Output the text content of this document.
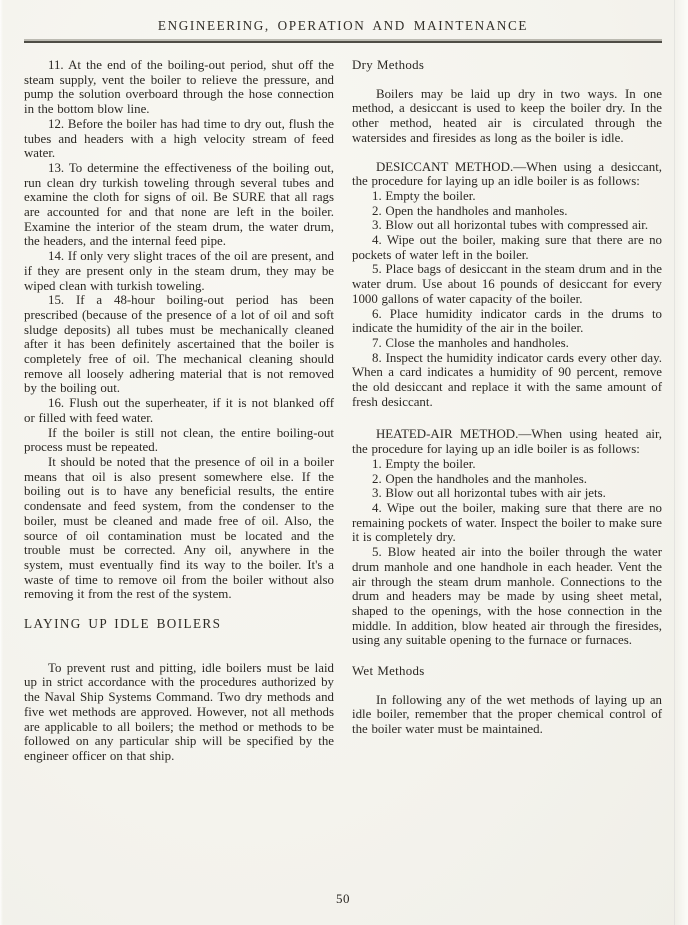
ENGINEERING, OPERATION AND MAINTENANCE

11. At the end of the boiling-out period, shut off the steam supply, vent the boiler to relieve the pressure, and pump the solution overboard through the hose connection in the bottom blow line.

12. Before the boiler has had time to dry out, flush the tubes and headers with a high velocity stream of feed water.

13. To determine the effectiveness of the boiling out, run clean dry turkish toweling through several tubes and examine the cloth for signs of oil. Be SURE that all rags are accounted for and that none are left in the boiler. Examine the interior of the steam drum, the water drum, the headers, and the internal feed pipe.

14. If only very slight traces of the oil are present, and if they are present only in the steam drum, they may be wiped clean with turkish toweling.

15. If a 48-hour boiling-out period has been prescribed (because of the presence of a lot of oil and soft sludge deposits) all tubes must be mechanically cleaned after it has been definitely ascertained that the boiler is completely free of oil. The mechanical cleaning should remove all loosely adhering material that is not removed by the boiling out.

16. Flush out the superheater, if it is not blanked off or filled with feed water.

If the boiler is still not clean, the entire boiling-out process must be repeated.

It should be noted that the presence of oil in a boiler means that oil is also present somewhere else. If the boiling out is to have any beneficial results, the entire condensate and feed system, from the condenser to the boiler, must be cleaned and made free of oil. Also, the source of oil contamination must be located and the trouble must be corrected. Any oil, anywhere in the system, must eventually find its way to the boiler. It's a waste of time to remove oil from the boiler without also removing it from the rest of the system.

LAYING UP IDLE BOILERS

To prevent rust and pitting, idle boilers must be laid up in strict accordance with the procedures authorized by the Naval Ship Systems Command. Two dry methods and five wet methods are approved. However, not all methods are applicable to all boilers; the method or methods to be followed on any particular ship will be specified by the engineer officer on that ship.

Dry Methods

Boilers may be laid up dry in two ways. In one method, a desiccant is used to keep the boiler dry. In the other method, heated air is circulated through the watersides and firesides as long as the boiler is idle.

DESICCANT METHOD.—When using a desiccant, the procedure for laying up an idle boiler is as follows:

1. Empty the boiler.

2. Open the handholes and manholes.

3. Blow out all horizontal tubes with compressed air.

4. Wipe out the boiler, making sure that there are no pockets of water left in the boiler.

5. Place bags of desiccant in the steam drum and in the water drum. Use about 16 pounds of desiccant for every 1000 gallons of water capacity of the boiler.

6. Place humidity indicator cards in the drums to indicate the humidity of the air in the boiler.

7. Close the manholes and handholes.

8. Inspect the humidity indicator cards every other day. When a card indicates a humidity of 90 percent, remove the old desiccant and replace it with the same amount of fresh desiccant.

HEATED-AIR METHOD.—When using heated air, the procedure for laying up an idle boiler is as follows:

1. Empty the boiler.

2. Open the handholes and the manholes.

3. Blow out all horizontal tubes with air jets.

4. Wipe out the boiler, making sure that there are no remaining pockets of water. Inspect the boiler to make sure it is completely dry.

5. Blow heated air into the boiler through the water drum manhole and one handhole in each header. Vent the air through the steam drum manhole. Connections to the drum and headers may be made by using sheet metal, shaped to the openings, with the hose connection in the middle. In addition, blow heated air through the firesides, using any suitable opening to the furnace or furnaces.

Wet Methods

In following any of the wet methods of laying up an idle boiler, remember that the proper chemical control of the boiler water must be maintained.

50
